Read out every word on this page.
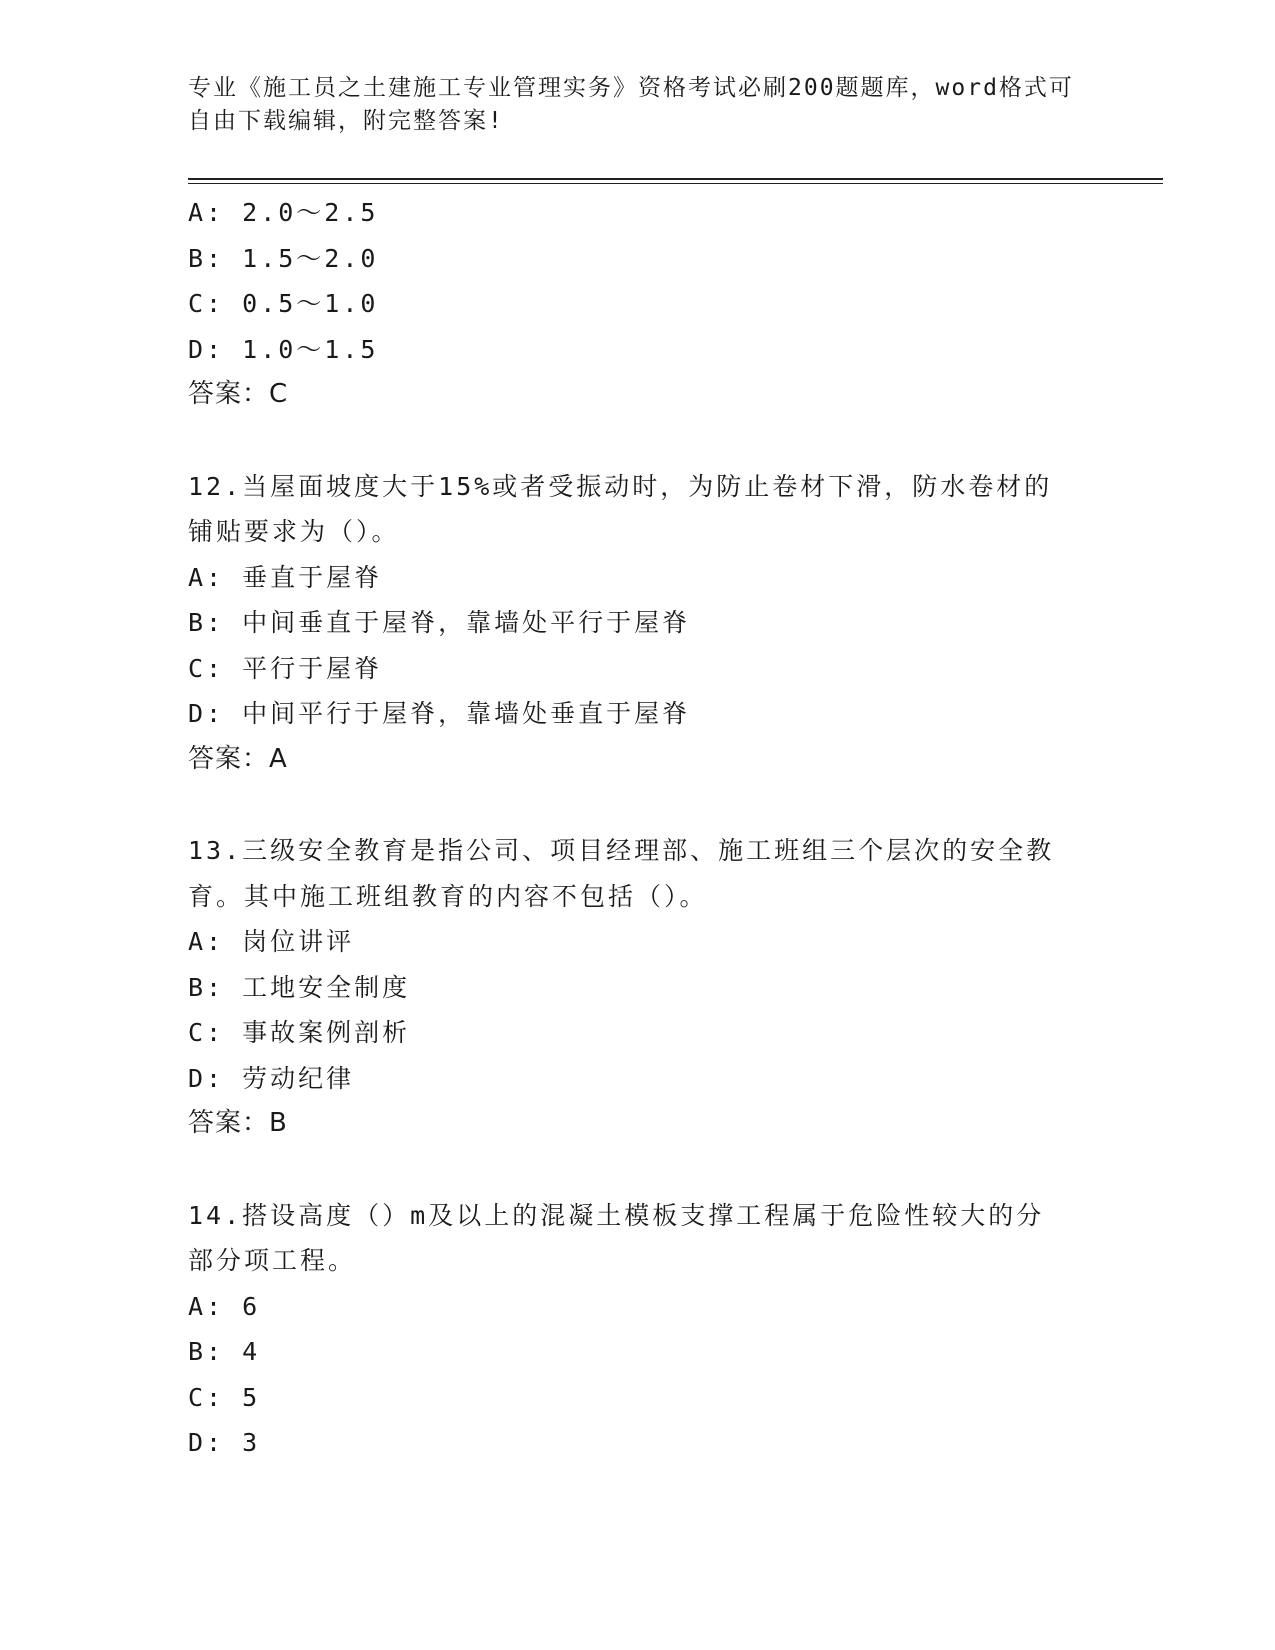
专业《施工员之土建施工专业管理实务》资格考试必刷200题题库，word格式可
自由下载编辑，附完整答案!
A: 2.0～2.5
B: 1.5～2.0
C: 0.5～1.0
D: 1.0～1.5
答案：C
12.当屋面坡度大于15%或者受振动时，为防止卷材下滑，防水卷材的
铺贴要求为（）。
A: 垂直于屋脊
B: 中间垂直于屋脊，靠墙处平行于屋脊
C: 平行于屋脊
D: 中间平行于屋脊，靠墙处垂直于屋脊
答案：A
13.三级安全教育是指公司、项目经理部、施工班组三个层次的安全教
育。其中施工班组教育的内容不包括（）。
A: 岗位讲评
B: 工地安全制度
C: 事故案例剖析
D: 劳动纪律
答案：B
14.搭设高度（）m及以上的混凝土模板支撑工程属于危险性较大的分
部分项工程。
A: 6
B: 4
C: 5
D: 3
